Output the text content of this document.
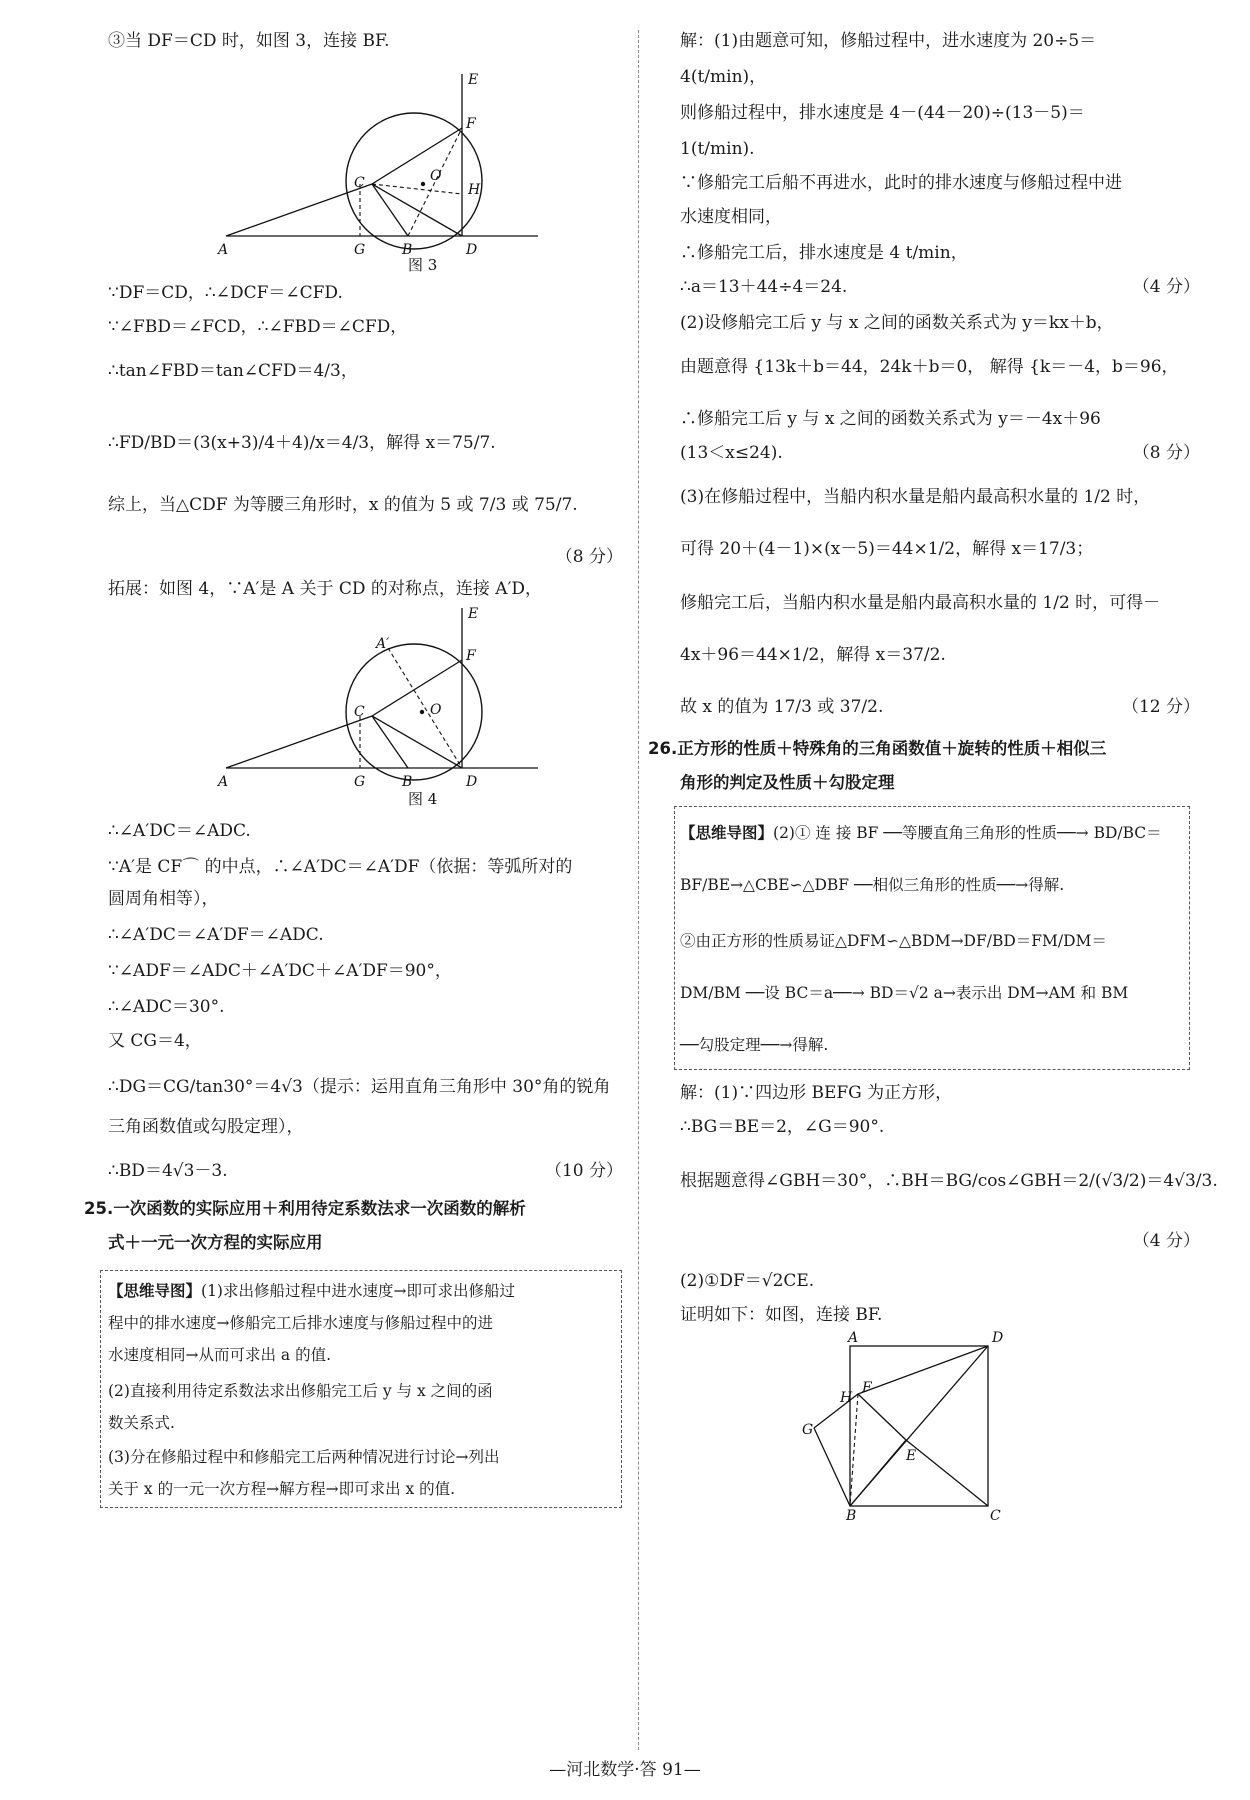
③当 DF＝CD 时，如图 3，连接 BF.
A	G	B	D
C	O
H
F
E
图 3
∵DF＝CD，∴∠DCF＝∠CFD.
∵∠FBD＝∠FCD，∴∠FBD＝∠CFD，
∴tan∠FBD＝tan∠CFD＝4/3，
∴FD/BD＝(3(x+3)/4＋4)/x＝4/3，解得 x＝75/7.
综上，当△CDF 为等腰三角形时，x 的值为 5 或 7/3 或 75/7.
（8 分）
拓展：如图 4，∵A′是 A 关于 CD 的对称点，连接 A′D，
A	G	B	D
C	O
F
E
A′
图 4
∴∠A′DC＝∠ADC.
∵A′是 CF⌒ 的中点，∴∠A′DC＝∠A′DF（依据：等弧所对的
圆周角相等），
∴∠A′DC＝∠A′DF＝∠ADC.
∵∠ADF＝∠ADC＋∠A′DC＋∠A′DF＝90°，
∴∠ADC＝30°.
又 CG＝4，
∴DG＝CG/tan30°＝4√3（提示：运用直角三角形中 30°角的锐角
三角函数值或勾股定理），
∴BD＝4√3－3.	（10 分）
25.一次函数的实际应用＋利用待定系数法求一次函数的解析
式＋一元一次方程的实际应用
【思维导图】(1)求出修船过程中进水速度→即可求出修船过
程中的排水速度→修船完工后排水速度与修船过程中的进
水速度相同→从而可求出 a 的值.
(2)直接利用待定系数法求出修船完工后 y 与 x 之间的函
数关系式.
(3)分在修船过程中和修船完工后两种情况进行讨论→列出
关于 x 的一元一次方程→解方程→即可求出 x 的值.
解：(1)由题意可知，修船过程中，进水速度为 20÷5＝
4(t/min)，
则修船过程中，排水速度是 4－(44－20)÷(13－5)＝
1(t/min).
∵修船完工后船不再进水，此时的排水速度与修船过程中进
水速度相同，
∴修船完工后，排水速度是 4 t/min，
∴a＝13＋44÷4＝24.	（4 分）
(2)设修船完工后 y 与 x 之间的函数关系式为 y＝kx＋b，
由题意得 {13k＋b＝44，24k＋b＝0， 解得 {k＝－4，b＝96，
∴修船完工后 y 与 x 之间的函数关系式为 y＝－4x＋96
(13＜x≤24).	（8 分）
(3)在修船过程中，当船内积水量是船内最高积水量的 1/2 时，
可得 20＋(4－1)×(x－5)＝44×1/2，解得 x＝17/3；
修船完工后，当船内积水量是船内最高积水量的 1/2 时，可得－
4x＋96＝44×1/2，解得 x＝37/2.
故 x 的值为 17/3 或 37/2.	（12 分）
26.正方形的性质＋特殊角的三角函数值＋旋转的性质＋相似三
角形的判定及性质＋勾股定理
【思维导图】(2)① 连 接 BF ──等腰直角三角形的性质──→ BD/BC＝
BF/BE→△CBE∽△DBF ──相似三角形的性质──→得解.
②由正方形的性质易证△DFM∽△BDM→DF/BD＝FM/DM＝
DM/BM ──设 BC＝a──→ BD＝√2 a→表示出 DM→AM 和 BM
──勾股定理──→得解.
解：(1)∵四边形 BEFG 为正方形，
∴BG＝BE＝2，∠G＝90°.
根据题意得∠GBH＝30°，∴BH＝BG/cos∠GBH＝2/(√3/2)＝4√3/3.
（4 分）
(2)①DF＝√2CE.
证明如下：如图，连接 BF.
A	D
H
F
G
E
B	C
—河北数学·答 91—
